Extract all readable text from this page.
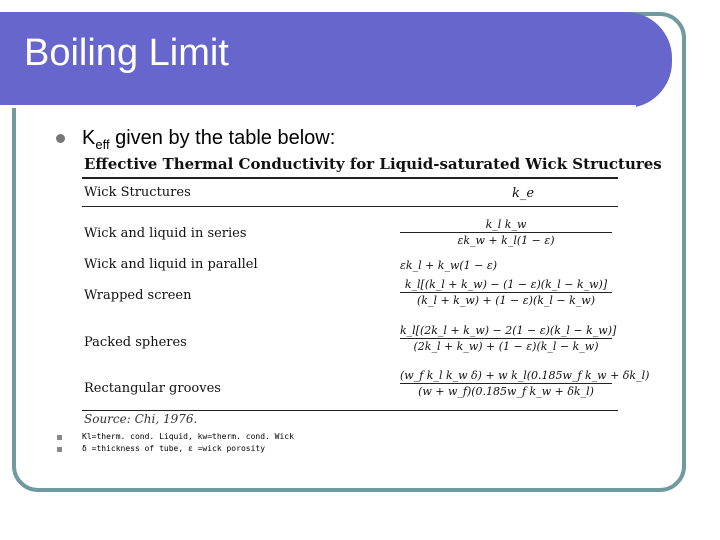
Boiling Limit
$K_{eff}$ given by the table below:
Effective Thermal Conductivity for Liquid-saturated Wick Structures
Wick Structures	k_e
Wick and liquid in series	$\frac{\text{k\_l k\_w}}{\varepsilon k\_w + k\_l(1 - \varepsilon)}$
Wick and liquid in parallel	εk_l + k_w(1 − ε)
Wrapped screen	$\frac{k\_l[(k\_l + k\_w) - (1 - \varepsilon)(k\_l - k\_w)]}{(k\_l + k\_w) + (1 - \varepsilon)(k\_l - k\_w)}$
Packed spheres	$\frac{k\_l[(2k\_l + k\_w) - 2(1 - \varepsilon)(k\_l - k\_w)]}{(2k\_l + k\_w) + (1 - \varepsilon)(k\_l - k\_w)}$
Rectangular grooves	$\frac{\text{(w\_f k\_l k\_w δ) + w k\_l(0.185w\_f k\_w + δk\_l)}}{\text{(w + w\_f)(0.185w\_f k\_w + δk\_l)}}$
Source: Chi, 1976.
Kl=therm. cond. Liquid, kw=therm. cond. Wick
δ =thickness of tube, ε =wick porosity
